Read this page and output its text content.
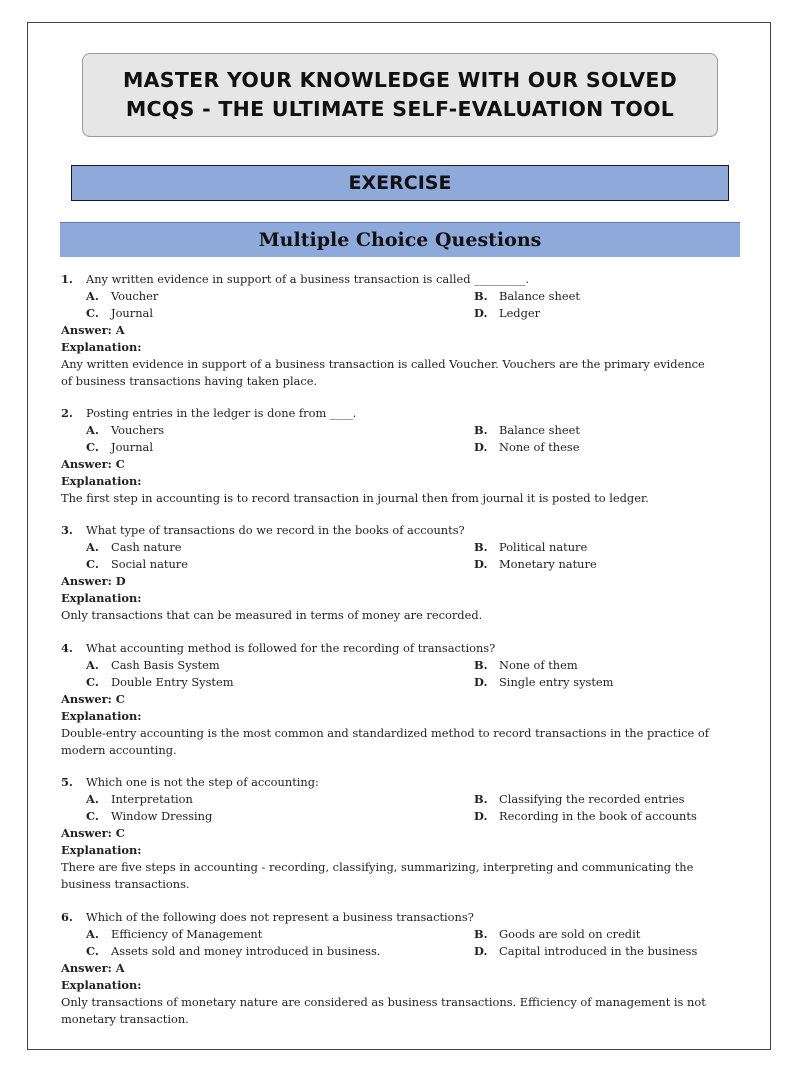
MASTER YOUR KNOWLEDGE WITH OUR SOLVED
MCQS - THE ULTIMATE SELF-EVALUATION TOOL
EXERCISE
Multiple Choice Questions
1.	Any written evidence in support of a business transaction is called _________.
A.	Voucher	B.	Balance sheet
C.	Journal	D.	Ledger
Answer: A
Explanation:
Any written evidence in support of a business transaction is called Voucher. Vouchers are the primary evidence of business transactions having taken place.
2.	Posting entries in the ledger is done from ____.
A.	Vouchers	B.	Balance sheet
C.	Journal	D.	None of these
Answer: C
Explanation:
The first step in accounting is to record transaction in journal then from journal it is posted to ledger.
3.	What type of transactions do we record in the books of accounts?
A.	Cash nature	B.	Political nature
C.	Social nature	D.	Monetary nature
Answer: D
Explanation:
Only transactions that can be measured in terms of money are recorded.
4.	What accounting method is followed for the recording of transactions?
A.	Cash Basis System	B.	None of them
C.	Double Entry System	D.	Single entry system
Answer: C
Explanation:
Double-entry accounting is the most common and standardized method to record transactions in the practice of modern accounting.
5.	Which one is not the step of accounting:
A.	Interpretation	B.	Classifying the recorded entries
C.	Window Dressing	D.	Recording in the book of accounts
Answer: C
Explanation:
There are five steps in accounting - recording, classifying, summarizing, interpreting and communicating the business transactions.
6.	Which of the following does not represent a business transactions?
A.	Efficiency of Management	B.	Goods are sold on credit
C.	Assets sold and money introduced in business.	D.	Capital introduced in the business
Answer: A
Explanation:
Only transactions of monetary nature are considered as business transactions. Efficiency of management is not monetary transaction.
